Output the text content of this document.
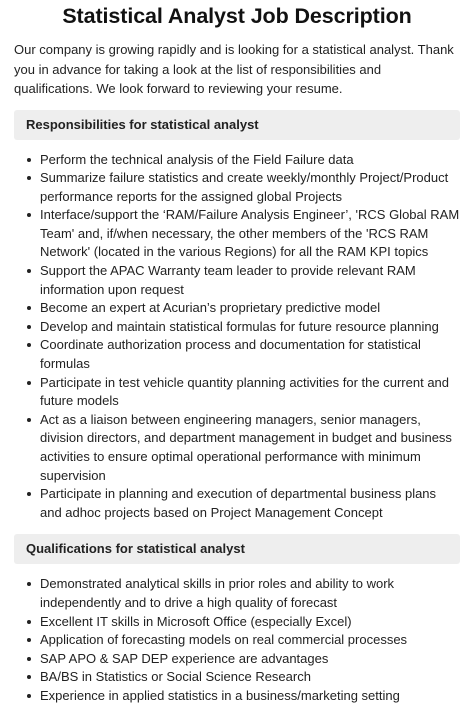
Statistical Analyst Job Description

Our company is growing rapidly and is looking for a statistical analyst. Thank you in advance for taking a look at the list of responsibilities and qualifications. We look forward to reviewing your resume.

Responsibilities for statistical analyst
Perform the technical analysis of the Field Failure data
Summarize failure statistics and create weekly/monthly Project/Product performance reports for the assigned global Projects
Interface/support the ‘RAM/Failure Analysis Engineer’, 'RCS Global RAM Team' and, if/when necessary, the other members of the 'RCS RAM Network' (located in the various Regions) for all the RAM KPI topics
Support the APAC Warranty team leader to provide relevant RAM information upon request
Become an expert at Acurian’s proprietary predictive model
Develop and maintain statistical formulas for future resource planning
Coordinate authorization process and documentation for statistical formulas
Participate in test vehicle quantity planning activities for the current and future models
Act as a liaison between engineering managers, senior managers, division directors, and department management in budget and business activities to ensure optimal operational performance with minimum supervision
Participate in planning and execution of departmental business plans and adhoc projects based on Project Management Concept
Qualifications for statistical analyst
Demonstrated analytical skills in prior roles and ability to work independently and to drive a high quality of forecast
Excellent IT skills in Microsoft Office (especially Excel)
Application of forecasting models on real commercial processes
SAP APO & SAP DEP experience are advantages
BA/BS in Statistics or Social Science Research
Experience in applied statistics in a business/marketing setting
